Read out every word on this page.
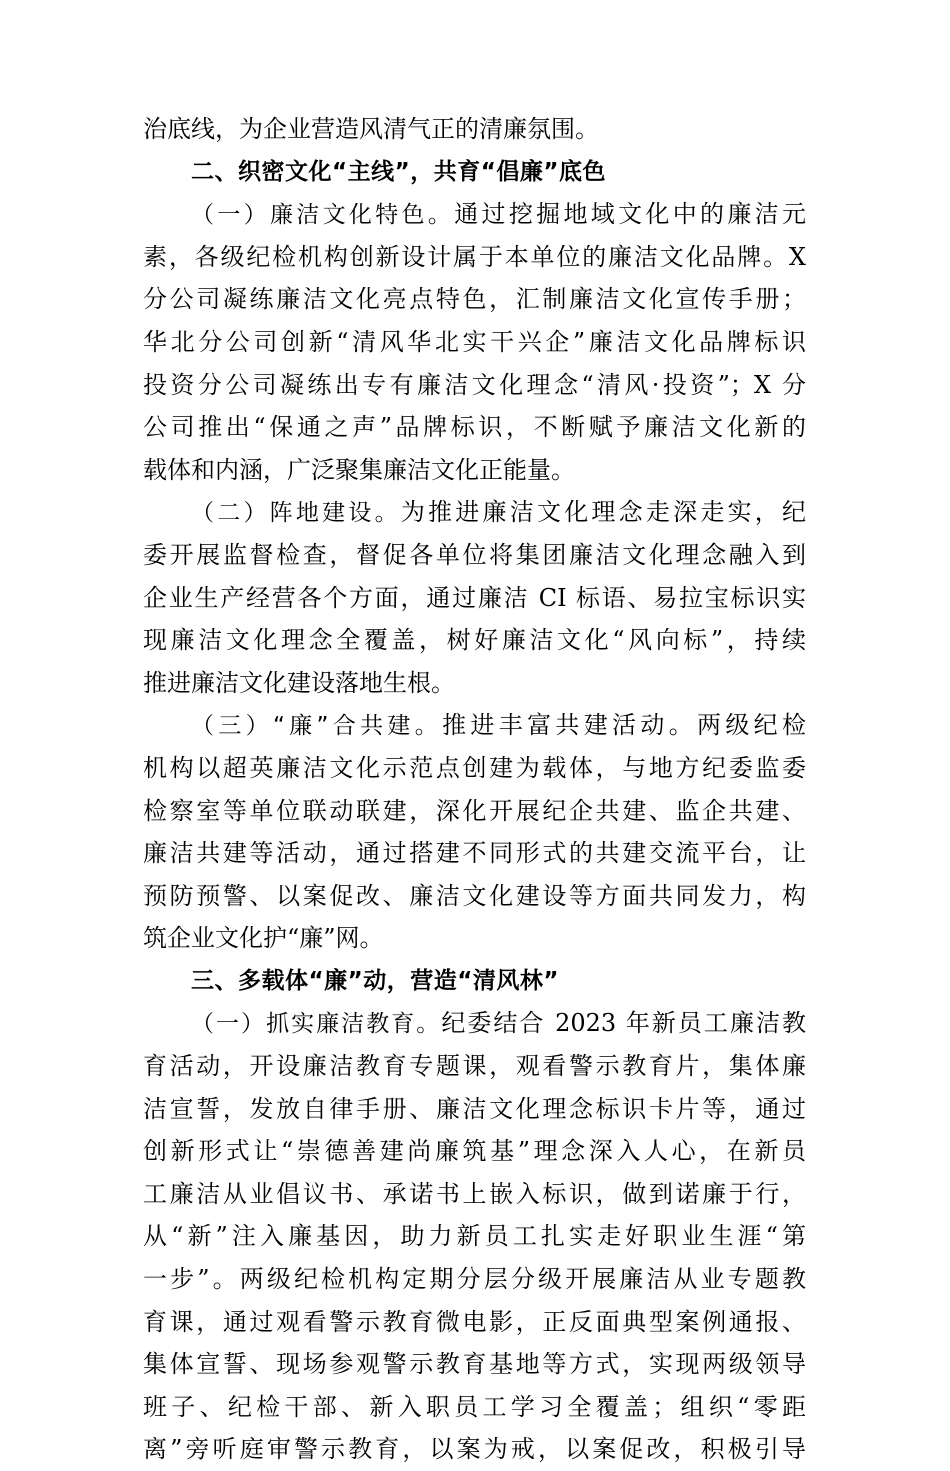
治底线，为企业营造风清气正的清廉氛围。
二、织密文化“主线”，共育“倡廉”底色
（一）廉洁文化特色。通过挖掘地域文化中的廉洁元
素，各级纪检机构创新设计属于本单位的廉洁文化品牌。X
分公司凝练廉洁文化亮点特色，汇制廉洁文化宣传手册；
华北分公司创新“清风华北实干兴企”廉洁文化品牌标识
投资分公司凝练出专有廉洁文化理念“清风·投资”；X 分
公司推出“保通之声”品牌标识，不断赋予廉洁文化新的
载体和内涵，广泛聚集廉洁文化正能量。
（二）阵地建设。为推进廉洁文化理念走深走实，纪
委开展监督检查，督促各单位将集团廉洁文化理念融入到
企业生产经营各个方面，通过廉洁 CI 标语、易拉宝标识实
现廉洁文化理念全覆盖，树好廉洁文化“风向标”，持续
推进廉洁文化建设落地生根。
（三）“廉”合共建。推进丰富共建活动。两级纪检
机构以超英廉洁文化示范点创建为载体，与地方纪委监委
检察室等单位联动联建，深化开展纪企共建、监企共建、
廉洁共建等活动，通过搭建不同形式的共建交流平台，让
预防预警、以案促改、廉洁文化建设等方面共同发力，构
筑企业文化护“廉”网。
三、多载体“廉”动，营造“清风林”
（一）抓实廉洁教育。纪委结合 2023 年新员工廉洁教
育活动，开设廉洁教育专题课，观看警示教育片，集体廉
洁宣誓，发放自律手册、廉洁文化理念标识卡片等，通过
创新形式让“崇德善建尚廉筑基”理念深入人心，在新员
工廉洁从业倡议书、承诺书上嵌入标识，做到诺廉于行，
从“新”注入廉基因，助力新员工扎实走好职业生涯“第
一步”。两级纪检机构定期分层分级开展廉洁从业专题教
育课，通过观看警示教育微电影，正反面典型案例通报、
集体宣誓、现场参观警示教育基地等方式，实现两级领导
班子、纪检干部、新入职员工学习全覆盖；组织“零距
离”旁听庭审警示教育，以案为戒，以案促改，积极引导
